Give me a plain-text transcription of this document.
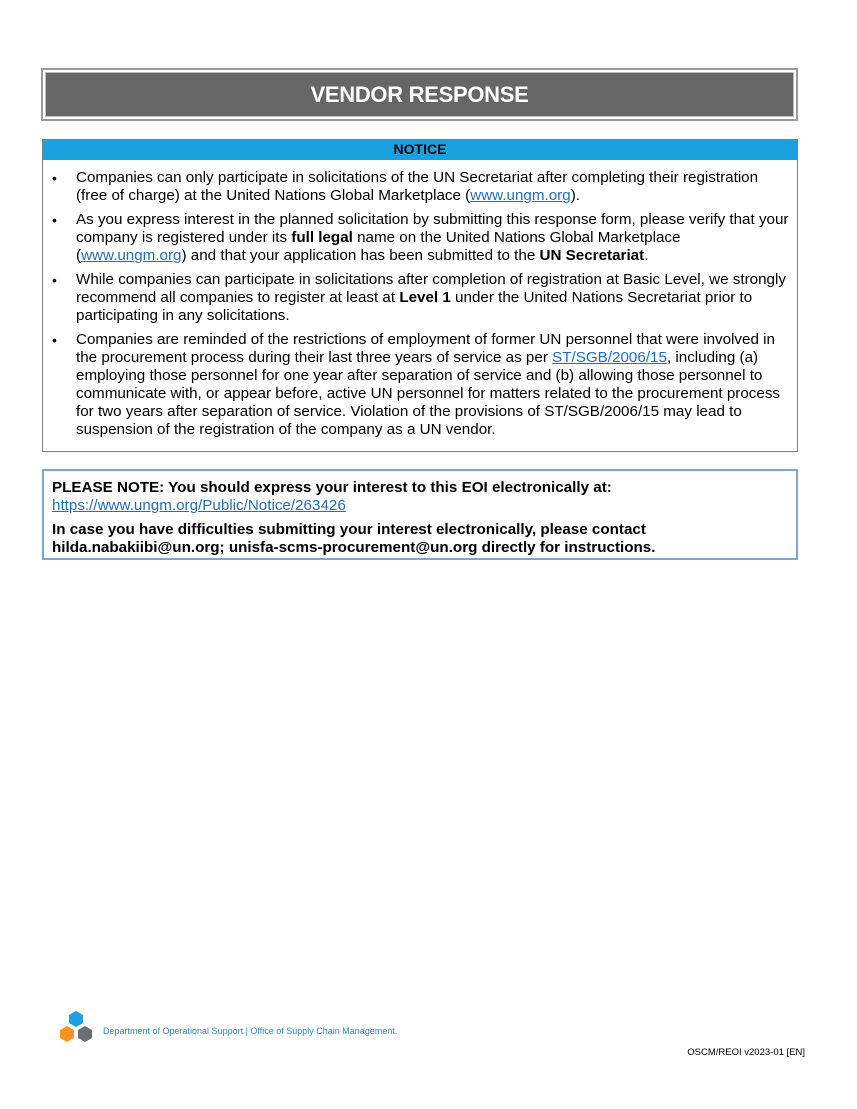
VENDOR RESPONSE
NOTICE
• Companies can only participate in solicitations of the UN Secretariat after completing their registration (free of charge) at the United Nations Global Marketplace (www.ungm.org).
• As you express interest in the planned solicitation by submitting this response form, please verify that your company is registered under its full legal name on the United Nations Global Marketplace (www.ungm.org) and that your application has been submitted to the UN Secretariat.
• While companies can participate in solicitations after completion of registration at Basic Level, we strongly recommend all companies to register at least at Level 1 under the United Nations Secretariat prior to participating in any solicitations.
• Companies are reminded of the restrictions of employment of former UN personnel that were involved in the procurement process during their last three years of service as per ST/SGB/2006/15, including (a) employing those personnel for one year after separation of service and (b) allowing those personnel to communicate with, or appear before, active UN personnel for matters related to the procurement process for two years after separation of service. Violation of the provisions of ST/SGB/2006/15 may lead to suspension of the registration of the company as a UN vendor.
PLEASE NOTE: You should express your interest to this EOI electronically at:
https://www.ungm.org/Public/Notice/263426
In case you have difficulties submitting your interest electronically, please contact hilda.nabakiibi@un.org; unisfa-scms-procurement@un.org directly for instructions.
Department of Operational Support | Office of Supply Chain Management.
OSCM/REOI v2023-01 [EN]
